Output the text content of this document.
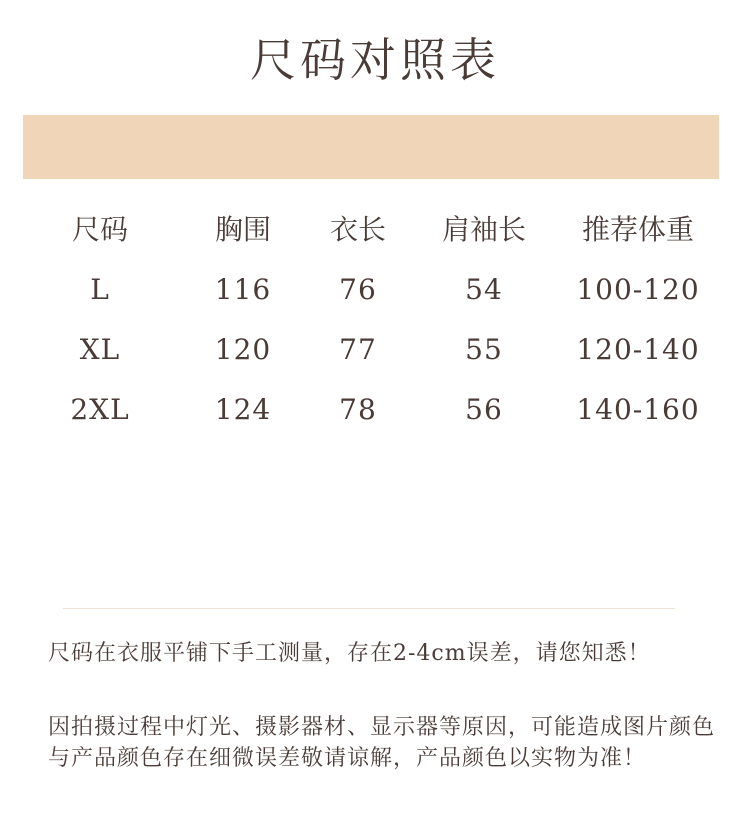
尺码对照表
尺码	胸围	衣长	肩袖长	推荐体重
L	116	76	54	100-120
XL	120	77	55	120-140
2XL	124	78	56	140-160
尺码在衣服平铺下手工测量，存在2-4cm误差，请您知悉！
因拍摄过程中灯光、摄影器材、显示器等原因，可能造成图片颜色与产品颜色存在细微误差敬请谅解，产品颜色以实物为准！
